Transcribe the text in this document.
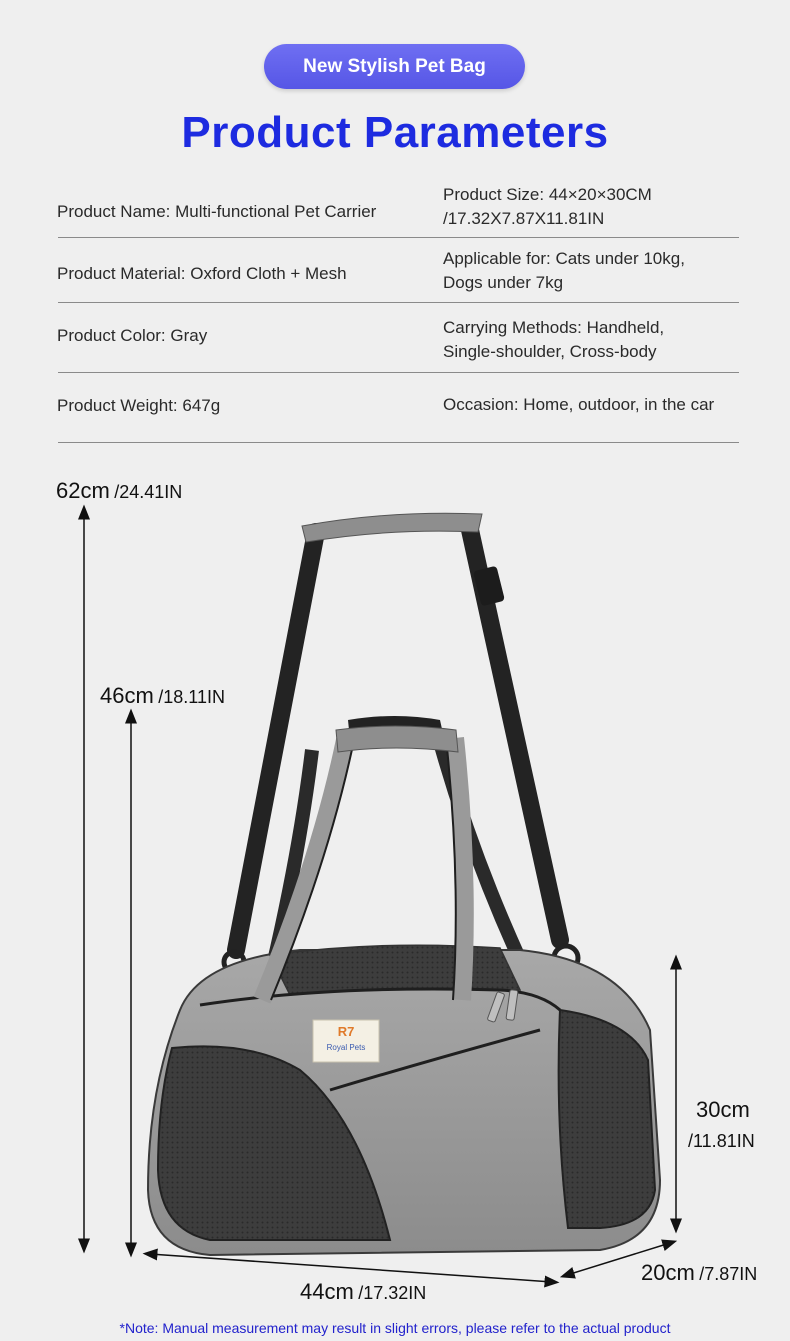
New Stylish Pet Bag
Product Parameters
Product Name: Multi-functional Pet Carrier
Product Size: 44×20×30CM
/17.32X7.87X11.81IN
Product Material: Oxford Cloth + Mesh
Applicable for: Cats under 10kg,
Dogs under 7kg
Product Color: Gray	Carrying Methods: Handheld,
Single-shoulder, Cross-body
Product Weight: 647g	Occasion: Home, outdoor, in the car
R7
Royal Pets
62cm /24.41IN
46cm /18.11IN
30cm
/11.81IN
44cm /17.32IN
20cm /7.87IN
*Note: Manual measurement may result in slight errors, please refer to the actual product
